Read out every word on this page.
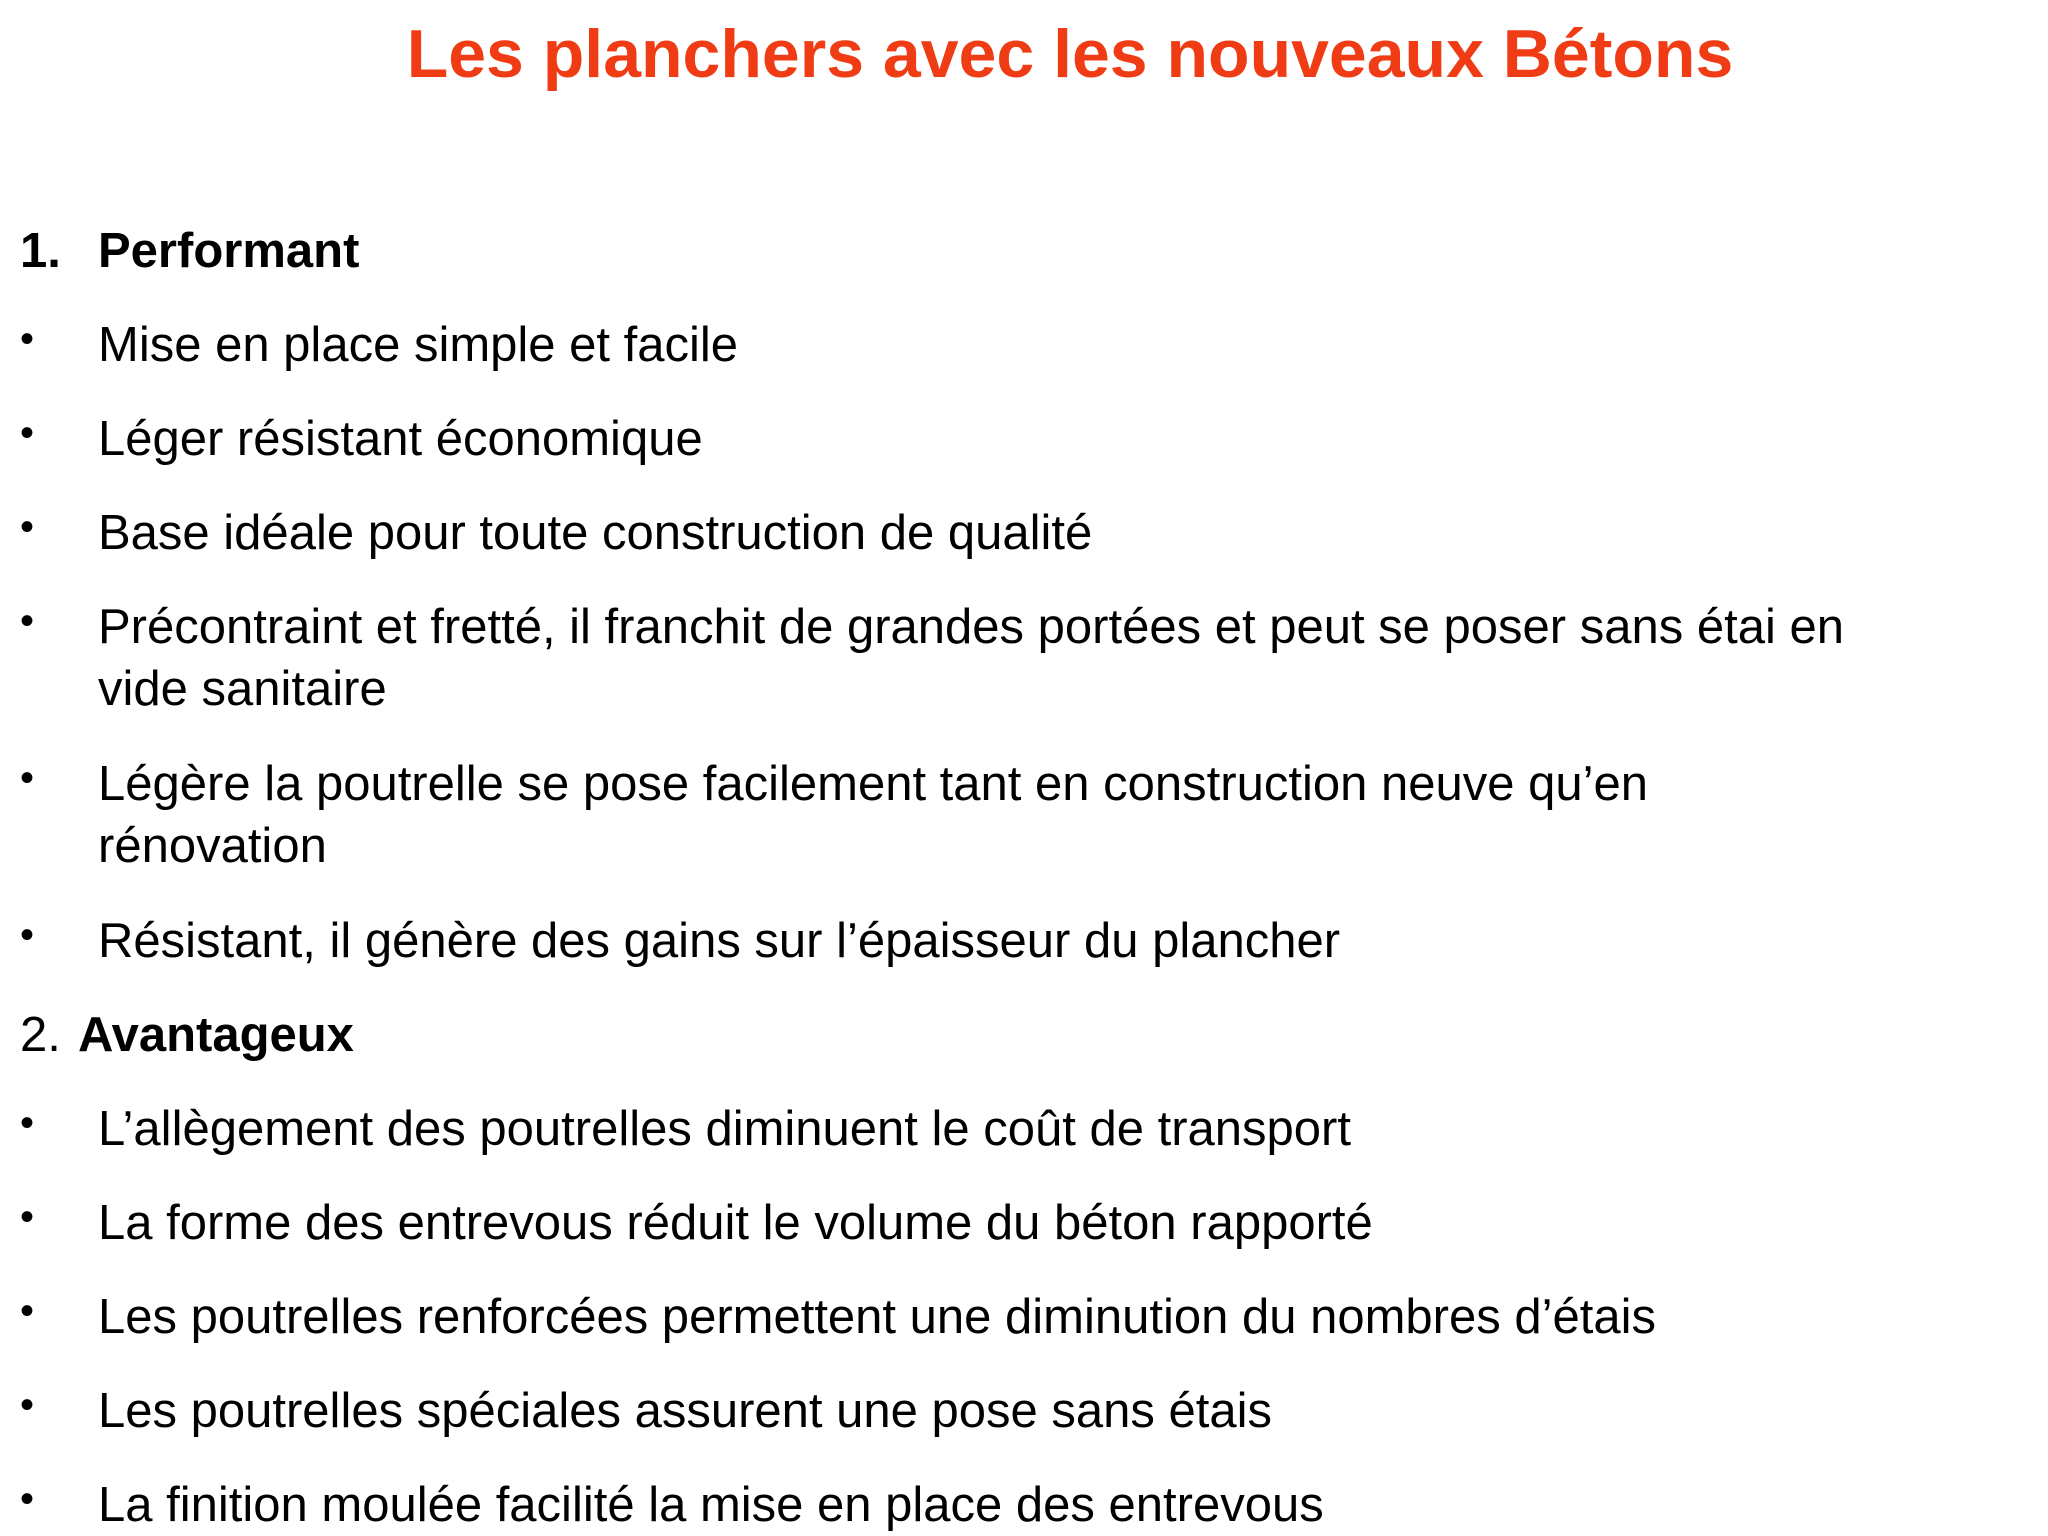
Les planchers avec les nouveaux Bétons
1. Performant
• Mise en place simple et facile
• Léger résistant économique
• Base idéale pour toute construction de qualité
• Précontraint et fretté, il franchit de grandes portées et peut se poser sans étai en
vide sanitaire
• Légère la poutrelle se pose facilement tant en construction neuve qu’en
rénovation
• Résistant, il génère des gains sur l’épaisseur du plancher
2. Avantageux
• L’allègement des poutrelles diminuent le coût de transport
• La forme des entrevous réduit le volume du béton rapporté
• Les poutrelles renforcées permettent une diminution du nombres d’étais
• Les poutrelles spéciales assurent une pose sans étais
• La finition moulée facilité la mise en place des entrevous
